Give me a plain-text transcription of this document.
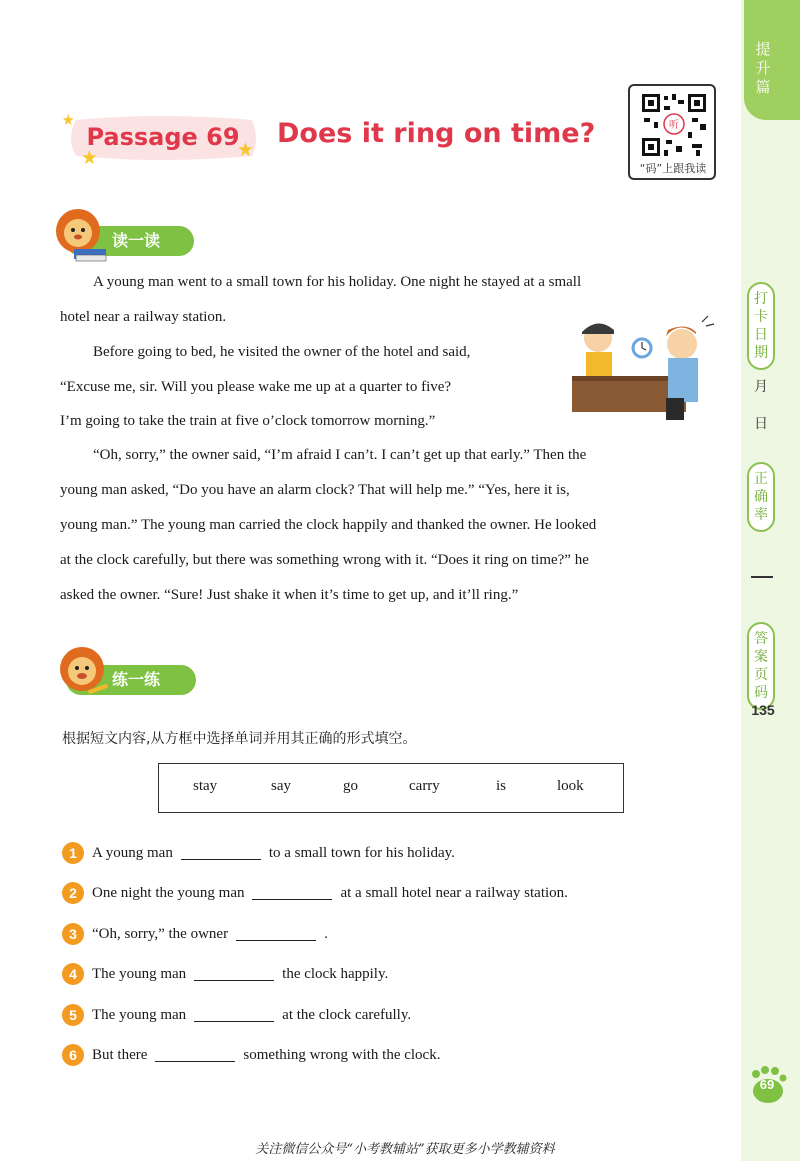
提升篇
打卡日期
月
日
正确率
答案页码
135
69
Passage 69	Does it ring on time?	听
“码”上跟我读
读一读
A young man went to a small town for his holiday. One night he stayed at a small
hotel near a railway station.
Before going to bed, he visited the owner of the hotel and said,
“Excuse me, sir. Will you please wake me up at a quarter to five?
I’m going to take the train at five o’clock tomorrow morning.”
“Oh, sorry,” the owner said, “I’m afraid I can’t. I can’t get up that early.” Then the
young man asked, “Do you have an alarm clock? That will help me.” “Yes, here it is,
young man.” The young man carried the clock happily and thanked the owner. He looked
at the clock carefully, but there was something wrong with it. “Does it ring on time?” he
asked the owner. “Sure! Just shake it when it’s time to get up, and it’ll ring.”
练一练
根据短文内容,从方框中选择单词并用其正确的形式填空。
stay	say	go	carry	is	look
1	A young man	to a small town for his holiday.
2	One night the young man	at a small hotel near a railway station.
3	“Oh, sorry,” the owner	.
4	The young man	the clock happily.
5	The young man	at the clock carefully.
6	But there	something wrong with the clock.
关注微信公众号“小考教辅站”获取更多小学教辅资料
